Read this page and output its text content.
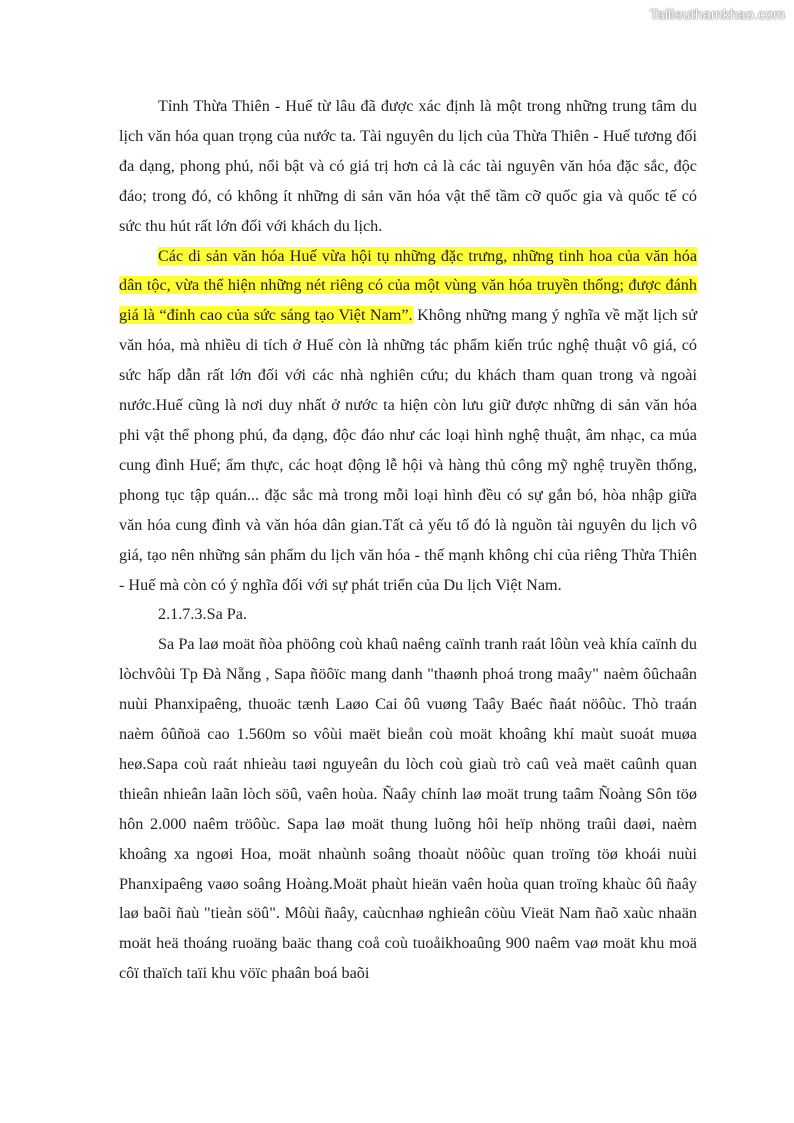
Tailieuthamkhao.com

Tỉnh Thừa Thiên - Huế từ lâu đã được xác định là một trong những trung tâm du lịch văn hóa quan trọng của nước ta. Tài nguyên du lịch của Thừa Thiên - Huế tương đối đa dạng, phong phú, nổi bật và có giá trị hơn cả là các tài nguyên văn hóa đặc sắc, độc đáo; trong đó, có không ít những di sản văn hóa vật thể tầm cỡ quốc gia và quốc tế có sức thu hút rất lớn đối với khách du lịch.

Các di sản văn hóa Huế vừa hội tụ những đặc trưng, những tinh hoa của văn hóa dân tộc, vừa thể hiện những nét riêng có của một vùng văn hóa truyền thống; được đánh giá là “đỉnh cao của sức sáng tạo Việt Nam”. Không những mang ý nghĩa về mặt lịch sử văn hóa, mà nhiều di tích ở Huế còn là những tác phẩm kiến trúc nghệ thuật vô giá, có sức hấp dẫn rất lớn đối với các nhà nghiên cứu; du khách tham quan trong và ngoài nước.Huế cũng là nơi duy nhất ở nước ta hiện còn lưu giữ được những di sản văn hóa phi vật thể phong phú, đa dạng, độc đáo như các loại hình nghệ thuật, âm nhạc, ca múa cung đình Huế; ẩm thực, các hoạt động lễ hội và hàng thủ công mỹ nghệ truyền thống, phong tục tập quán... đặc sắc mà trong mỗi loại hình đều có sự gắn bó, hòa nhập giữa văn hóa cung đình và văn hóa dân gian.Tất cả yếu tố đó là nguồn tài nguyên du lịch vô giá, tạo nên những sản phẩm du lịch văn hóa - thế mạnh không chỉ của riêng Thừa Thiên - Huế mà còn có ý nghĩa đối với sự phát triển của Du lịch Việt Nam.

2.1.7.3.Sa Pa.

Sa Pa laø moät ñòa phöông coù khaû naêng caïnh tranh raát lôùn veà khía caïnh du lòchvôùi Tp Đà Nẵng , Sapa ñöôïc mang danh "thaønh phoá trong maây" naèm ôûchaân nuùi Phanxipaêng, thuoäc tænh Laøo Cai ôû vuøng Taây Baéc ñaát nöôùc. Thò traán naèm ôûñoä cao 1.560m so vôùi maët bieån coù moät khoâng khí maùt suoát muøa heø.Sapa coù raát nhieàu taøi nguyeân du lòch coù giaù trò caû veà maët caûnh quan thieân nhieân laãn lòch söû, vaên hoùa. Ñaây chính laø moät trung taâm Ñoàng Sôn töø hôn 2.000 naêm tröôùc. Sapa laø moät thung luõng hôi heïp nhöng traûi daøi, naèm khoâng xa ngoøi Hoa, moät nhaùnh soâng thoaùt nöôùc quan troïng töø khoái nuùi Phanxipaêng vaøo soâng Hoàng.Moät phaùt hieän vaên hoùa quan troïng khaùc ôû ñaây laø baõi ñaù "tieàn söû". Môùi ñaây, caùcnhaø nghieân cöùu Vieät Nam ñaõ xaùc nhaän moät heä thoáng ruoäng baäc thang coå coù tuoåikhoaûng 900 naêm vaø moät khu moä côï thaïch taïi khu vöïc phaân boá baõi
